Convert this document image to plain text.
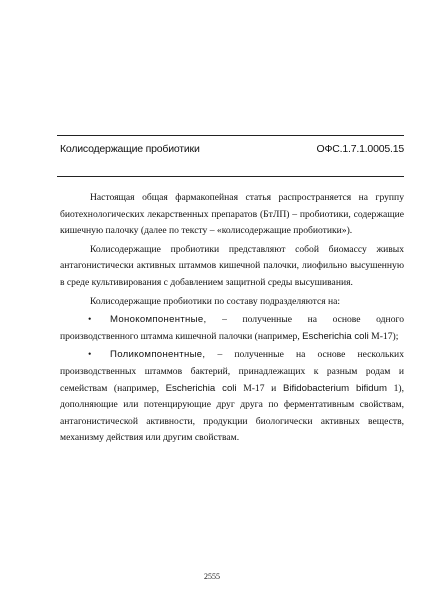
Колисодержащие пробиотики	ОФС.1.7.1.0005.15

Настоящая общая фармакопейная статья распространяется на группу биотехнологических лекарственных препаратов (БтЛП) – пробиотики, содержащие кишечную палочку (далее по тексту – «колисодержащие пробиотики»).

Колисодержащие пробиотики представляют собой биомассу живых антагонистически активных штаммов кишечной палочки, лиофильно высушенную в среде культивирования с добавлением защитной среды высушивания.

Колисодержащие пробиотики по составу подразделяются на:

• Монокомпонентные, – полученные на основе одного производственного штамма кишечной палочки (например, Escherichia coli М-17);

• Поликомпонентные, – полученные на основе нескольких производственных штаммов бактерий, принадлежащих к разным родам и семействам (например, Escherichia coli М-17 и Bifidobacterium bifidum 1), дополняющие или потенцирующие друг друга по ферментативным свойствам, антагонистической активности, продукции биологически активных веществ, механизму действия или другим свойствам.

2555
